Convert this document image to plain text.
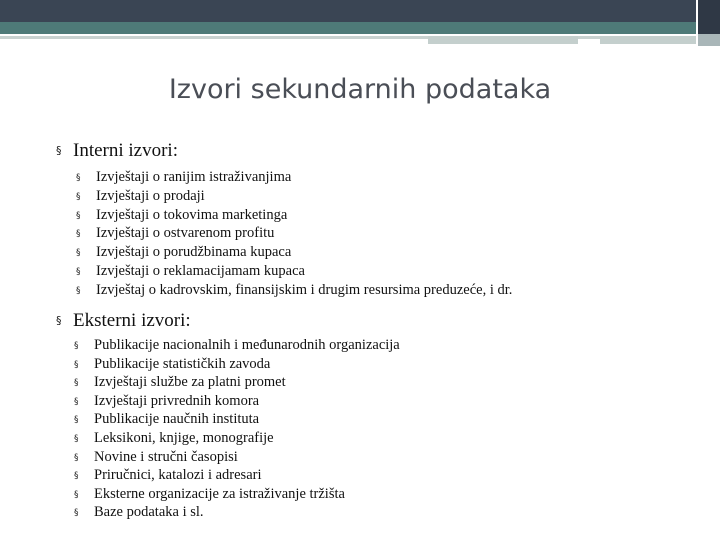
Izvori sekundarnih podataka
§ Interni izvori:
§	Izvještaji o ranijim istraživanjima
§	Izvještaji o prodaji
§	Izvještaji o tokovima marketinga
§	Izvještaji o ostvarenom profitu
§	Izvještaji o porudžbinama kupaca
§	Izvještaji o reklamacijamam kupaca
§	Izvještaj o kadrovskim, finansijskim i drugim resursima preduzeće, i dr.
§ Eksterni izvori:
§	Publikacije nacionalnih i međunarodnih organizacija
§	Publikacije statističkih zavoda
§	Izvještaji službe za platni promet
§	Izvještaji privrednih komora
§	Publikacije naučnih instituta
§	Leksikoni, knjige, monografije
§	Novine i stručni časopisi
§	Priručnici, katalozi i adresari
§	Eksterne organizacije za istraživanje tržišta
§	Baze podataka i sl.
